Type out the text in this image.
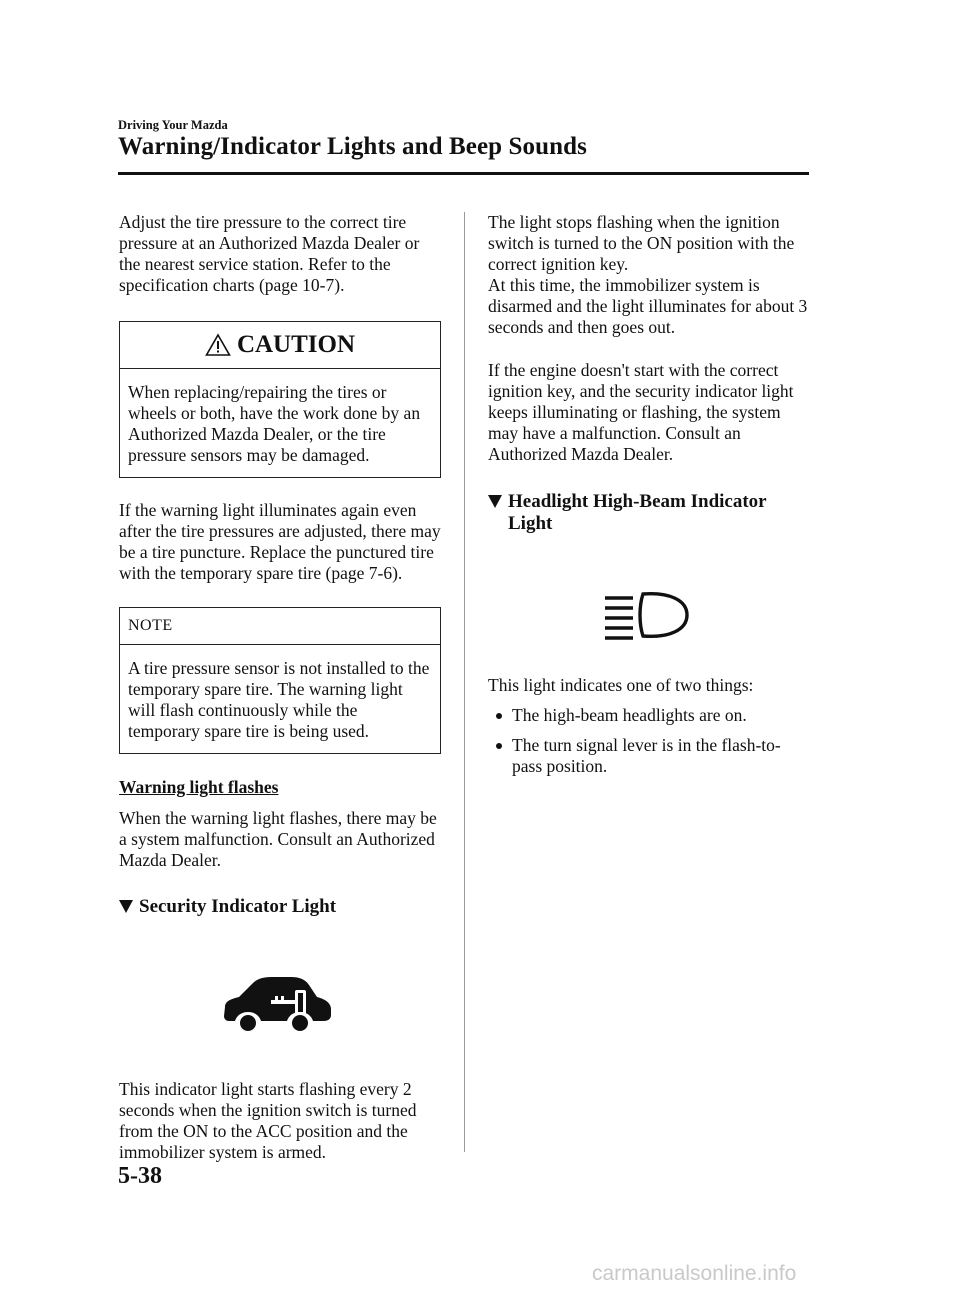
Driving Your Mazda
Warning/Indicator Lights and Beep Sounds

Adjust the tire pressure to the correct tire pressure at an Authorized Mazda Dealer or the nearest service station. Refer to the specification charts (page 10-7).

CAUTION

When replacing/repairing the tires or wheels or both, have the work done by an Authorized Mazda Dealer, or the tire pressure sensors may be damaged.

If the warning light illuminates again even after the tire pressures are adjusted, there may be a tire puncture. Replace the punctured tire with the temporary spare tire (page 7-6).

NOTE

A tire pressure sensor is not installed to the temporary spare tire. The warning light will flash continuously while the temporary spare tire is being used.

Warning light flashes

When the warning light flashes, there may be a system malfunction. Consult an Authorized Mazda Dealer.

Security Indicator Light

This indicator light starts flashing every 2 seconds when the ignition switch is turned from the ON to the ACC position and the immobilizer system is armed.

The light stops flashing when the ignition switch is turned to the ON position with the correct ignition key.

At this time, the immobilizer system is disarmed and the light illuminates for about 3 seconds and then goes out.

If the engine doesn't start with the correct ignition key, and the security indicator light keeps illuminating or flashing, the system may have a malfunction. Consult an Authorized Mazda Dealer.

Headlight High-Beam Indicator
Light

This light indicates one of two things:

The high-beam headlights are on.
The turn signal lever is in the flash-to-pass position.
5-38
carmanualsonline.info
